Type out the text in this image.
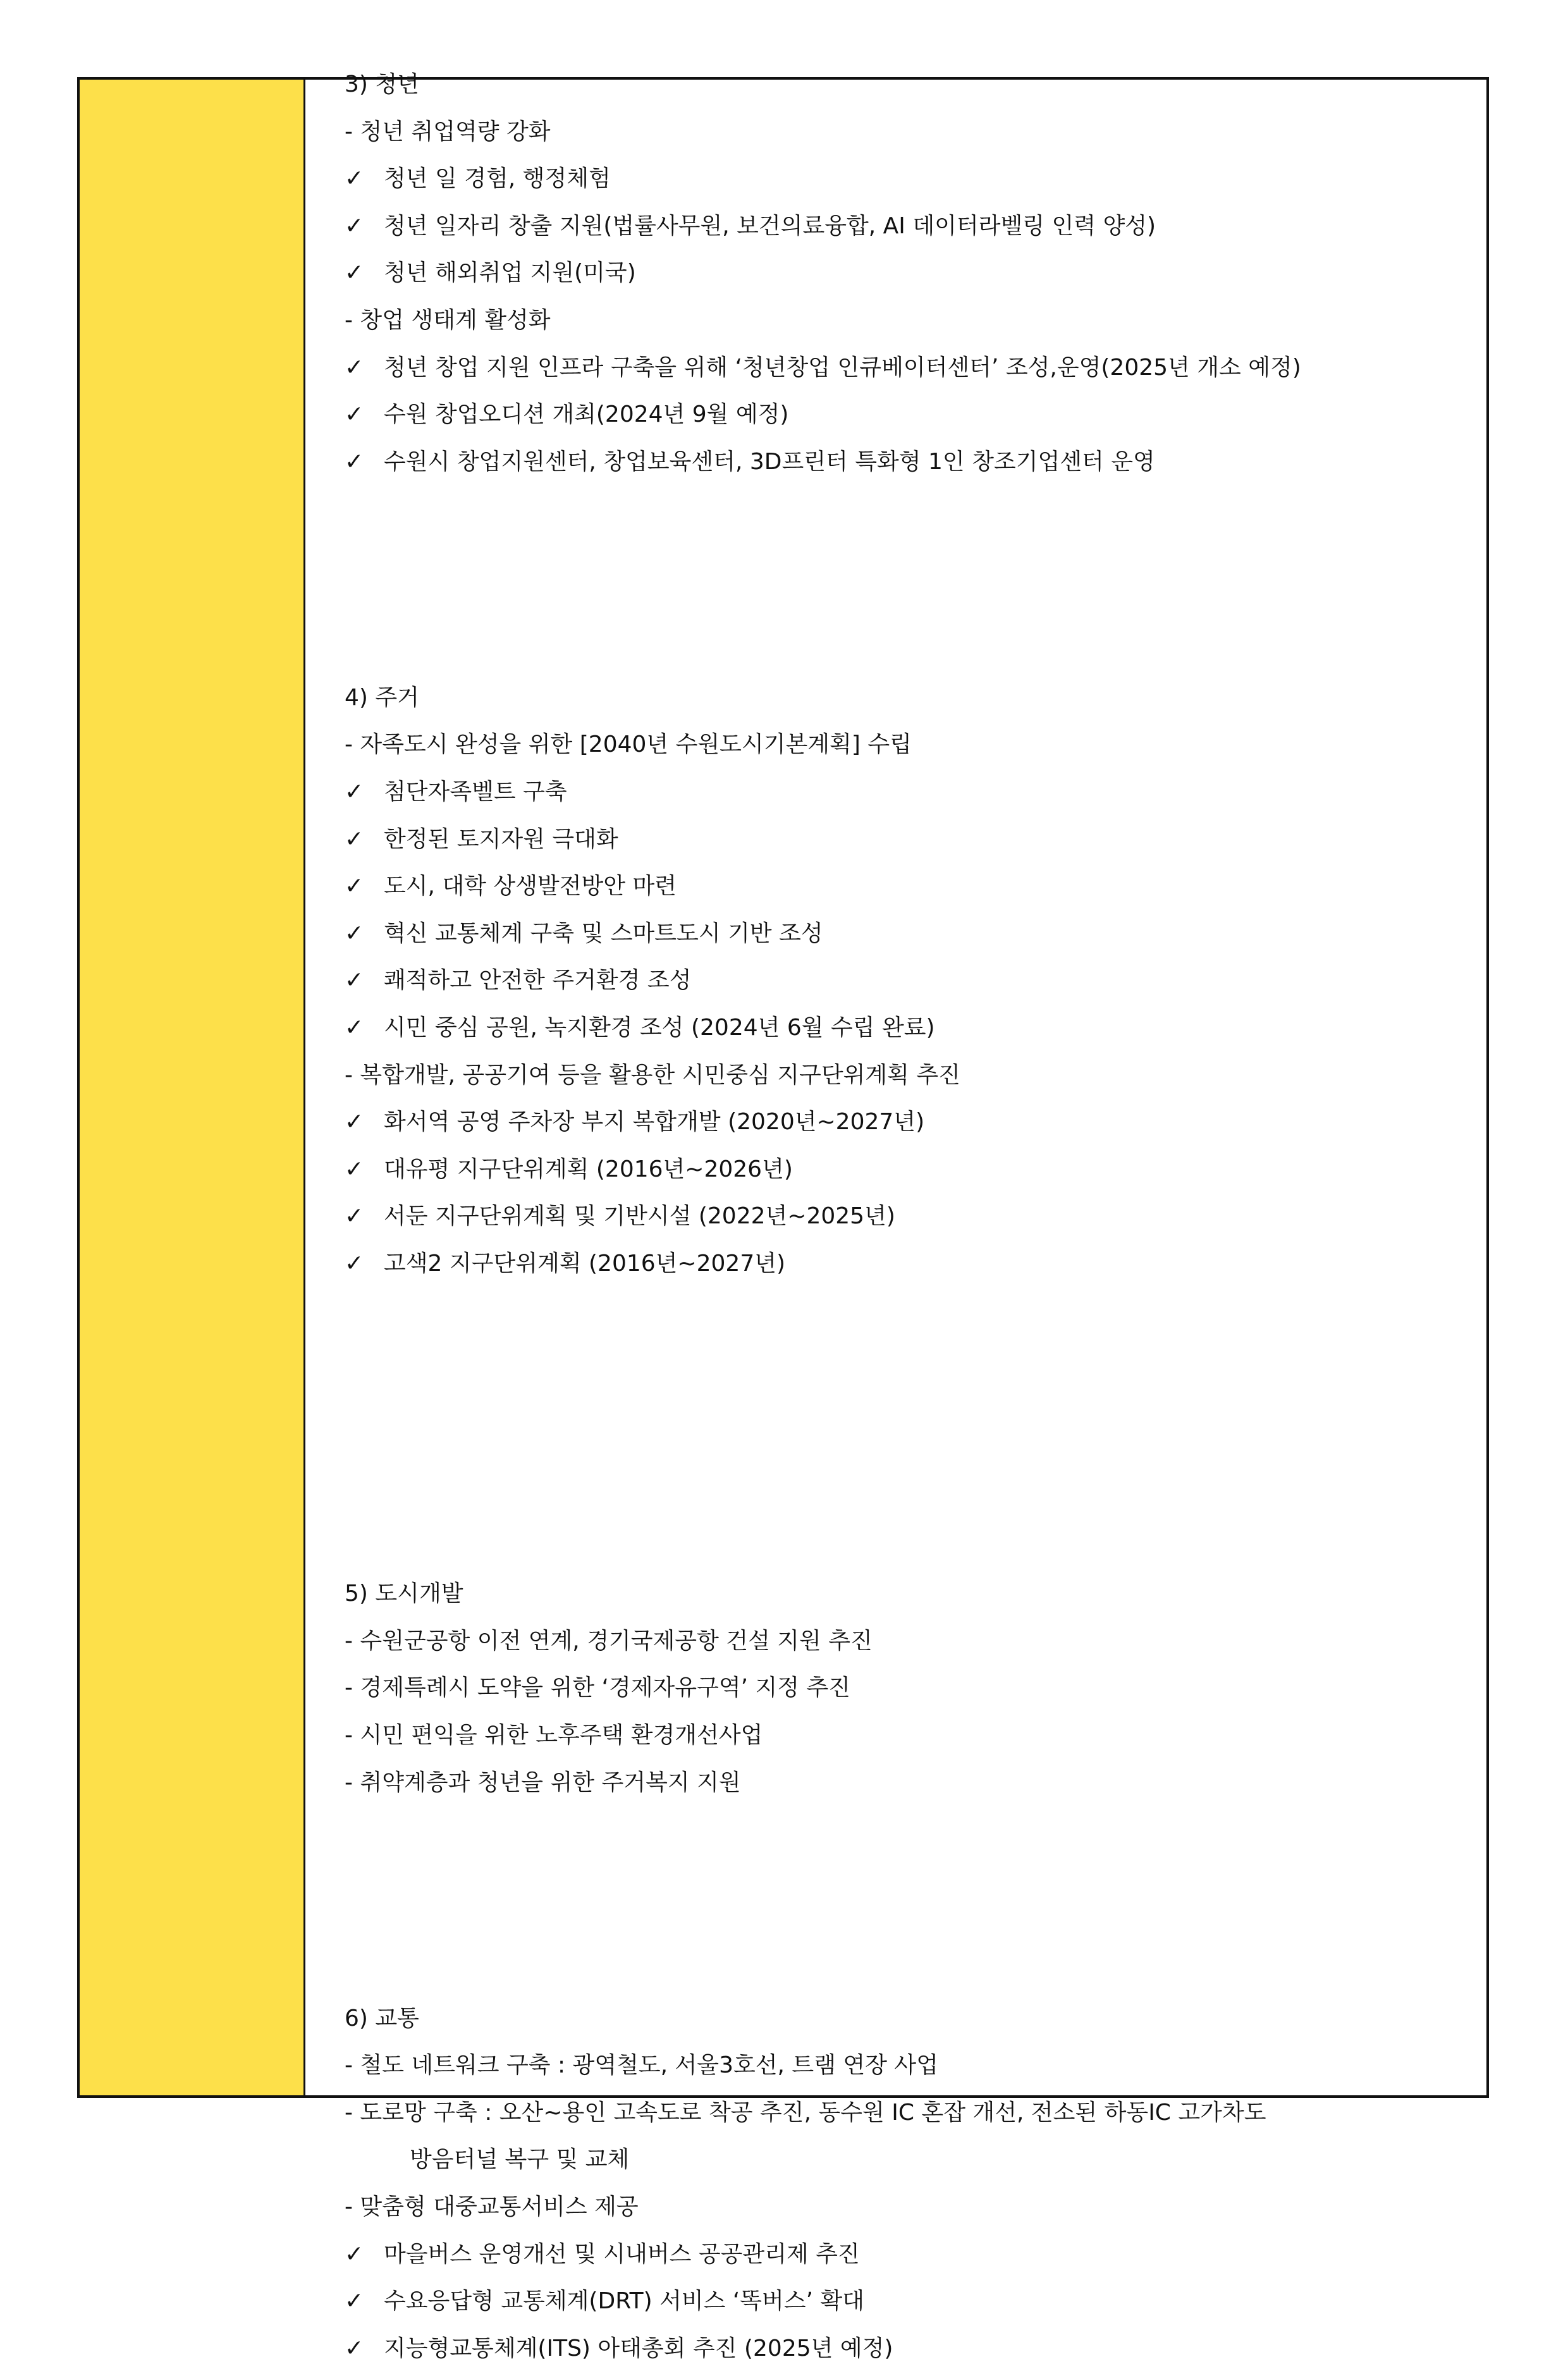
3) 청년
- 청년 취업역량 강화
✓ 청년 일 경험, 행정체험
✓ 청년 일자리 창출 지원(법률사무원, 보건의료융합, AI 데이터라벨링 인력 양성)
✓ 청년 해외취업 지원(미국)
- 창업 생태계 활성화
✓ 청년 창업 지원 인프라 구축을 위해 ‘청년창업 인큐베이터센터’ 조성,운영(2025년 개소 예정)
✓ 수원 창업오디션 개최(2024년 9월 예정)
✓ 수원시 창업지원센터, 창업보육센터, 3D프린터 특화형 1인 창조기업센터 운영
4) 주거
- 자족도시 완성을 위한 [2040년 수원도시기본계획] 수립
✓ 첨단자족벨트 구축
✓ 한정된 토지자원 극대화
✓ 도시, 대학 상생발전방안 마련
✓ 혁신 교통체계 구축 및 스마트도시 기반 조성
✓ 쾌적하고 안전한 주거환경 조성
✓ 시민 중심 공원, 녹지환경 조성 (2024년 6월 수립 완료)
- 복합개발, 공공기여 등을 활용한 시민중심 지구단위계획 추진
✓ 화서역 공영 주차장 부지 복합개발 (2020년~2027년)
✓ 대유평 지구단위계획 (2016년~2026년)
✓ 서둔 지구단위계획 및 기반시설 (2022년~2025년)
✓ 고색2 지구단위계획 (2016년~2027년)
5) 도시개발
- 수원군공항 이전 연계, 경기국제공항 건설 지원 추진
- 경제특례시 도약을 위한 ‘경제자유구역’ 지정 추진
- 시민 편익을 위한 노후주택 환경개선사업
- 취약계층과 청년을 위한 주거복지 지원
6) 교통
- 철도 네트워크 구축 : 광역철도, 서울3호선, 트램 연장 사업
- 도로망 구축 : 오산~용인 고속도로 착공 추진, 동수원 IC 혼잡 개선, 전소된 하동IC 고가차도
방음터널 복구 및 교체
- 맞춤형 대중교통서비스 제공
✓ 마을버스 운영개선 및 시내버스 공공관리제 추진
✓ 수요응답형 교통체계(DRT) 서비스 ‘똑버스’ 확대
✓ 지능형교통체계(ITS) 아태총회 추진 (2025년 예정)
